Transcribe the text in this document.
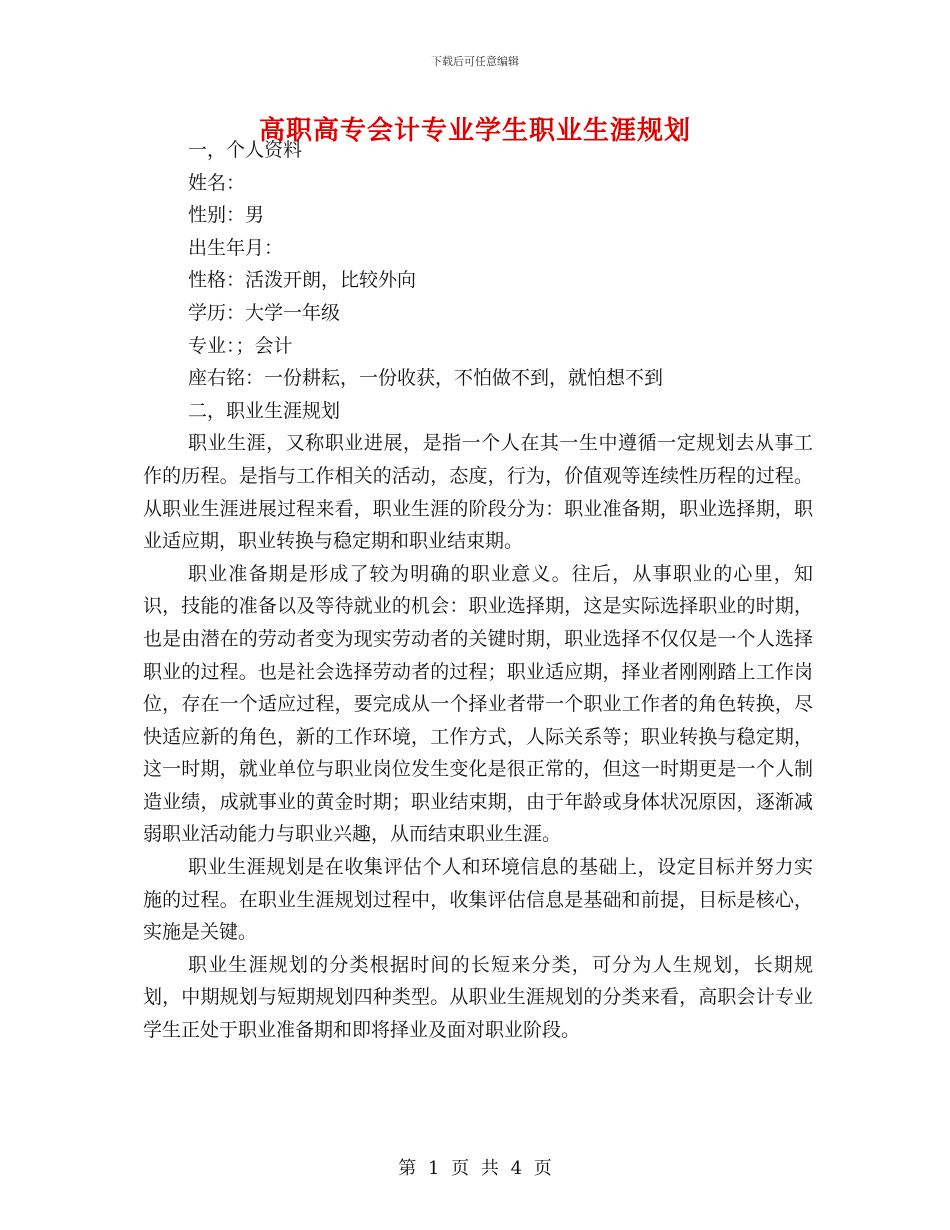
下载后可任意编辑
高职高专会计专业学生职业生涯规划

一，个人资料

姓名：

性别：男

出生年月：

性格：活泼开朗，比较外向

学历：大学一年级

专业：；会计

座右铭：一份耕耘，一份收获，不怕做不到，就怕想不到

二，职业生涯规划

职业生涯，又称职业进展，是指一个人在其一生中遵循一定规划去从事工作的历程。是指与工作相关的活动，态度，行为，价值观等连续性历程的过程。从职业生涯进展过程来看，职业生涯的阶段分为：职业准备期，职业选择期，职业适应期，职业转换与稳定期和职业结束期。

职业准备期是形成了较为明确的职业意义。往后，从事职业的心里，知识，技能的准备以及等待就业的机会：职业选择期，这是实际选择职业的时期，也是由潜在的劳动者变为现实劳动者的关键时期，职业选择不仅仅是一个人选择职业的过程。也是社会选择劳动者的过程；职业适应期，择业者刚刚踏上工作岗位，存在一个适应过程，要完成从一个择业者带一个职业工作者的角色转换，尽快适应新的角色，新的工作环境，工作方式，人际关系等；职业转换与稳定期，这一时期，就业单位与职业岗位发生变化是很正常的，但这一时期更是一个人制造业绩，成就事业的黄金时期；职业结束期，由于年龄或身体状况原因，逐渐减弱职业活动能力与职业兴趣，从而结束职业生涯。

职业生涯规划是在收集评估个人和环境信息的基础上，设定目标并努力实施的过程。在职业生涯规划过程中，收集评估信息是基础和前提，目标是核心，实施是关键。

职业生涯规划的分类根据时间的长短来分类，可分为人生规划，长期规划，中期规划与短期规划四种类型。从职业生涯规划的分类来看，高职会计专业学生正处于职业准备期和即将择业及面对职业阶段。

第 1 页 共 4 页
